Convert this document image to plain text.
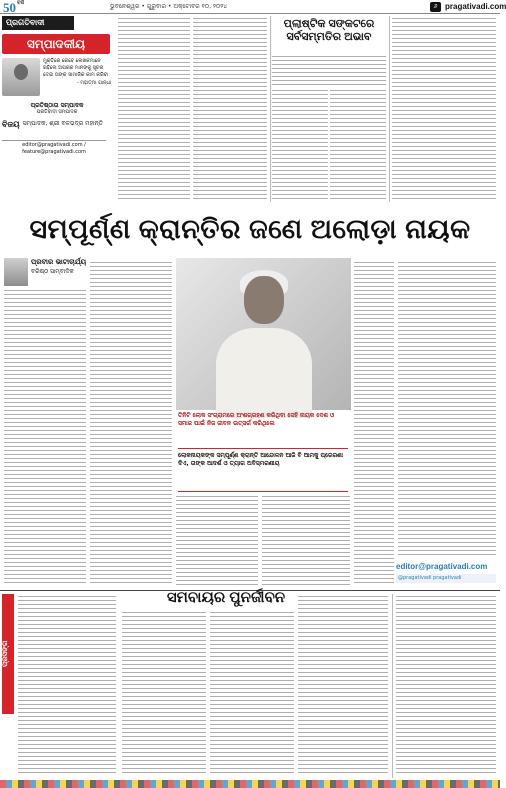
$50^{ବର୍ଷ}$	ଭୁବନେଶ୍ୱର • ଗୁରୁବାର • ଅକ୍ଟୋବର ୧୦, ୨୦୨୪	୬ pragativadi.com
ପ୍ରଗତିବାଦୀ
ସମ୍ପାଦକୀୟ
ମୁକ୍ତିରେ କେବେ ଲେଖକମାନେ ରହିଲେ ଅପରକ ମାନଙ୍କୁ ସୂଚନା ଦେଇ ତାଙ୍କ ସାମାଜିକ କାମ କରିବା
- ମହାତ୍ମା ଗାନ୍ଧୀ
ପ୍ରତିଷ୍ଠାତା ସମ୍ପାଦକ
ପ୍ରତିବାଦୀ ସମ୍ପାଦକ
ବିଜୟ ସମ୍ପାଦକ, ଶ୍ରୀ ବଳଭଦ୍ର ମହାନ୍ତି
editor@pragativadi.com / feature@pragativadi.com
ପ୍ଲାଷ୍ଟିକ ସଙ୍କଟରେ
ସର୍ବସମ୍ମତିର ଅଭାବ
ସମ୍ପୂର୍ଣ୍ଣ କ୍ରାନ୍ତିର ଜଣେ ଅଲୋଡ଼ା ନାୟକ
ପ୍ରବୀର ଭାଟାଚାର୍ଯ୍ୟ
ବରିଷ୍ଠ ସାମ୍ବାଦିକ
ତିନିଟି ଲୋକ ସଂଗ୍ରାମରେ ଅଂଶଗ୍ରହଣ କରିଥିବା ସେହି ନାୟକ ଦେଶ ଓ ସମାଜ ପାଇଁ ନିଜ ଜୀବନ ଉତ୍ସର୍ଗ କରିଥିଲେ
ଲୋକନାୟକଙ୍କ ସମ୍ପୂର୍ଣ୍ଣ କ୍ରାନ୍ତି ଆନ୍ଦୋଳନ ଆଜି ବି ଆମକୁ ପ୍ରେରଣା ଦିଏ, ତାଙ୍କ ଆଦର୍ଶ ଓ ତ୍ୟାଗ ଅବିସ୍ମରଣୀୟ
editor@pragativadi.com
@pragativadi pragativadi
ପ୍ରସଙ୍ଗ
ସମବାୟର ପୁନର୍ଜୀବନ
